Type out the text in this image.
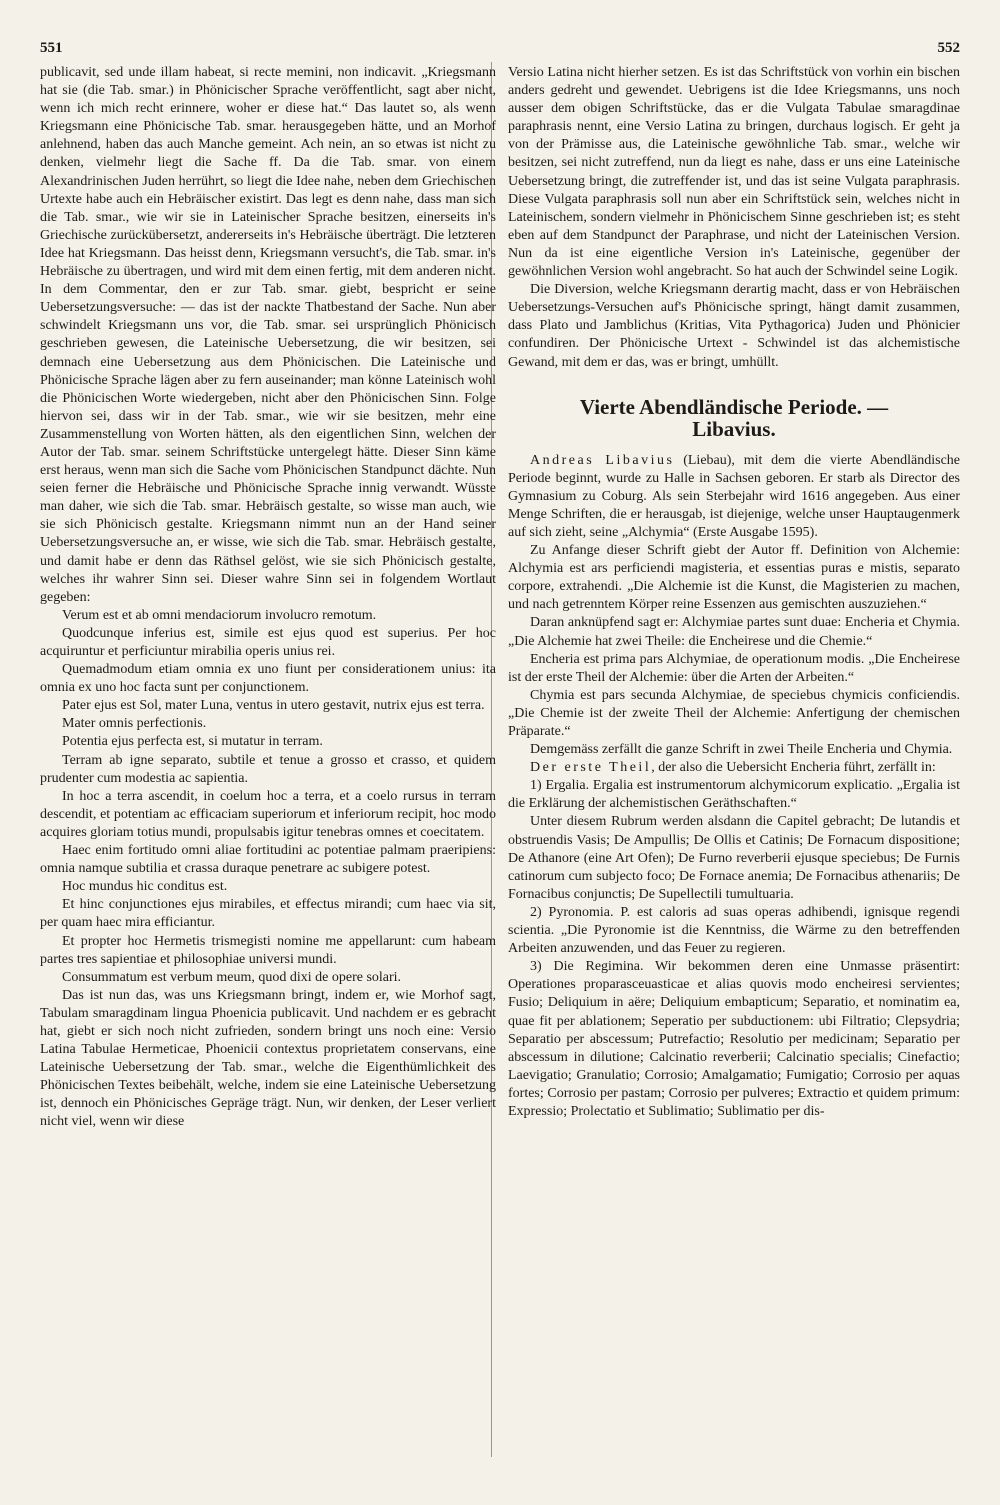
551	552

publicavit, sed unde illam habeat, si recte memini, non indicavit. „Kriegsmann hat sie (die Tab. smar.) in Phönicischer Sprache veröffentlicht, sagt aber nicht, wenn ich mich recht erinnere, woher er diese hat.“ Das lautet so, als wenn Kriegsmann eine Phönicische Tab. smar. herausgegeben hätte, und an Morhof anlehnend, haben das auch Manche gemeint. Ach nein, an so etwas ist nicht zu denken, vielmehr liegt die Sache ff. Da die Tab. smar. von einem Alexandrinischen Juden herrührt, so liegt die Idee nahe, neben dem Griechischen Urtexte habe auch ein Hebräischer existirt. Das legt es denn nahe, dass man sich die Tab. smar., wie wir sie in Lateinischer Sprache besitzen, einerseits in's Griechische zurückübersetzt, andererseits in's Hebräische überträgt. Die letzteren Idee hat Kriegsmann. Das heisst denn, Kriegsmann versucht's, die Tab. smar. in's Hebräische zu übertragen, und wird mit dem einen fertig, mit dem anderen nicht. In dem Commentar, den er zur Tab. smar. giebt, bespricht er seine Uebersetzungsversuche: — das ist der nackte Thatbestand der Sache. Nun aber schwindelt Kriegsmann uns vor, die Tab. smar. sei ursprünglich Phönicisch geschrieben gewesen, die Lateinische Uebersetzung, die wir besitzen, sei demnach eine Uebersetzung aus dem Phönicischen. Die Lateinische und Phönicische Sprache lägen aber zu fern auseinander; man könne Lateinisch wohl die Phönicischen Worte wiedergeben, nicht aber den Phönicischen Sinn. Folge hiervon sei, dass wir in der Tab. smar., wie wir sie besitzen, mehr eine Zusammenstellung von Worten hätten, als den eigentlichen Sinn, welchen der Autor der Tab. smar. seinem Schriftstücke untergelegt hätte. Dieser Sinn käme erst heraus, wenn man sich die Sache vom Phönicischen Standpunct dächte. Nun seien ferner die Hebräische und Phönicische Sprache innig verwandt. Wüsste man daher, wie sich die Tab. smar. Hebräisch gestalte, so wisse man auch, wie sie sich Phönicisch gestalte. Kriegsmann nimmt nun an der Hand seiner Uebersetzungsversuche an, er wisse, wie sich die Tab. smar. Hebräisch gestalte, und damit habe er denn das Räthsel gelöst, wie sie sich Phönicisch gestalte, welches ihr wahrer Sinn sei. Dieser wahre Sinn sei in folgendem Wortlaut gegeben:

Verum est et ab omni mendaciorum involucro remotum.

Quodcunque inferius est, simile est ejus quod est superius. Per hoc acquiruntur et perficiuntur mirabilia operis unius rei.

Quemadmodum etiam omnia ex uno fiunt per considerationem unius: ita omnia ex uno hoc facta sunt per conjunctionem.

Pater ejus est Sol, mater Luna, ventus in utero gestavit, nutrix ejus est terra.

Mater omnis perfectionis.

Potentia ejus perfecta est, si mutatur in terram.

Terram ab igne separato, subtile et tenue a grosso et crasso, et quidem prudenter cum modestia ac sapientia.

In hoc a terra ascendit, in coelum hoc a terra, et a coelo rursus in terram descendit, et potentiam ac efficaciam superiorum et inferiorum recipit, hoc modo acquires gloriam totius mundi, propulsabis igitur tenebras omnes et coecitatem.

Haec enim fortitudo omni aliae fortitudini ac potentiae palmam praeripiens: omnia namque subtilia et crassa duraque penetrare ac subigere potest.

Hoc mundus hic conditus est.

Et hinc conjunctiones ejus mirabiles, et effectus mirandi; cum haec via sit, per quam haec mira efficiantur.

Et propter hoc Hermetis trismegisti nomine me appellarunt: cum habeam partes tres sapientiae et philosophiae universi mundi.

Consummatum est verbum meum, quod dixi de opere solari.

Das ist nun das, was uns Kriegsmann bringt, indem er, wie Morhof sagt, Tabulam smaragdinam lingua Phoenicia publicavit. Und nachdem er es gebracht hat, giebt er sich noch nicht zufrieden, sondern bringt uns noch eine: Versio Latina Tabulae Hermeticae, Phoenicii contextus proprietatem conservans, eine Lateinische Uebersetzung der Tab. smar., welche die Eigenthümlichkeit des Phönicischen Textes beibehält, welche, indem sie eine Lateinische Uebersetzung ist, dennoch ein Phönicisches Gepräge trägt. Nun, wir denken, der Leser verliert nicht viel, wenn wir diese

Versio Latina nicht hierher setzen. Es ist das Schriftstück von vorhin ein bischen anders gedreht und gewendet. Uebrigens ist die Idee Kriegsmanns, uns noch ausser dem obigen Schriftstücke, das er die Vulgata Tabulae smaragdinae paraphrasis nennt, eine Versio Latina zu bringen, durchaus logisch. Er geht ja von der Prämisse aus, die Lateinische gewöhnliche Tab. smar., welche wir besitzen, sei nicht zutreffend, nun da liegt es nahe, dass er uns eine Lateinische Uebersetzung bringt, die zutreffender ist, und das ist seine Vulgata paraphrasis. Diese Vulgata paraphrasis soll nun aber ein Schriftstück sein, welches nicht in Lateinischem, sondern vielmehr in Phönicischem Sinne geschrieben ist; es steht eben auf dem Standpunct der Paraphrase, und nicht der Lateinischen Version. Nun da ist eine eigentliche Version in's Lateinische, gegenüber der gewöhnlichen Version wohl angebracht. So hat auch der Schwindel seine Logik.

Die Diversion, welche Kriegsmann derartig macht, dass er von Hebräischen Uebersetzungs-Versuchen auf's Phönicische springt, hängt damit zusammen, dass Plato und Jamblichus (Kritias, Vita Pythagorica) Juden und Phönicier confundiren. Der Phönicische Urtext - Schwindel ist das alchemistische Gewand, mit dem er das, was er bringt, umhüllt.

Vierte Abendländische Periode. —
Libavius.

Andreas Libavius (Liebau), mit dem die vierte Abendländische Periode beginnt, wurde zu Halle in Sachsen geboren. Er starb als Director des Gymnasium zu Coburg. Als sein Sterbejahr wird 1616 angegeben. Aus einer Menge Schriften, die er herausgab, ist diejenige, welche unser Hauptaugenmerk auf sich zieht, seine „Alchymia“ (Erste Ausgabe 1595).

Zu Anfange dieser Schrift giebt der Autor ff. Definition von Alchemie: Alchymia est ars perficiendi magisteria, et essentias puras e mistis, separato corpore, extrahendi. „Die Alchemie ist die Kunst, die Magisterien zu machen, und nach getrenntem Körper reine Essenzen aus gemischten auszuziehen.“

Daran anknüpfend sagt er: Alchymiae partes sunt duae: Encheria et Chymia. „Die Alchemie hat zwei Theile: die Encheirese und die Chemie.“

Encheria est prima pars Alchymiae, de operationum modis. „Die Encheirese ist der erste Theil der Alchemie: über die Arten der Arbeiten.“

Chymia est pars secunda Alchymiae, de speciebus chymicis conficiendis. „Die Chemie ist der zweite Theil der Alchemie: Anfertigung der chemischen Präparate.“

Demgemäss zerfällt die ganze Schrift in zwei Theile Encheria und Chymia.

Der erste Theil, der also die Uebersicht Encheria führt, zerfällt in:

1) Ergalia. Ergalia est instrumentorum alchymicorum explicatio. „Ergalia ist die Erklärung der alchemistischen Geräthschaften.“

Unter diesem Rubrum werden alsdann die Capitel gebracht; De lutandis et obstruendis Vasis; De Ampullis; De Ollis et Catinis; De Fornacum dispositione; De Athanore (eine Art Ofen); De Furno reverberii ejusque speciebus; De Furnis catinorum cum subjecto foco; De Fornace anemia; De Fornacibus athenariis; De Fornacibus conjunctis; De Supellectili tumultuaria.

2) Pyronomia. P. est caloris ad suas operas adhibendi, ignisque regendi scientia. „Die Pyronomie ist die Kenntniss, die Wärme zu den betreffenden Arbeiten anzuwenden, und das Feuer zu regieren.

3) Die Regimina. Wir bekommen deren eine Unmasse präsentirt: Operationes proparasceuasticae et alias quovis modo encheiresi servientes; Fusio; Deliquium in aëre; Deliquium embapticum; Separatio, et nominatim ea, quae fit per ablationem; Seperatio per subductionem: ubi Filtratio; Clepsydria; Separatio per abscessum; Putrefactio; Resolutio per medicinam; Separatio per abscessum in dilutione; Calcinatio reverberii; Calcinatio specialis; Cinefactio; Laevigatio; Granulatio; Corrosio; Amalgamatio; Fumigatio; Corrosio per aquas fortes; Corrosio per pastam; Corrosio per pulveres; Extractio et quidem primum: Expressio; Prolectatio et Sublimatio; Sublimatio per dis-
